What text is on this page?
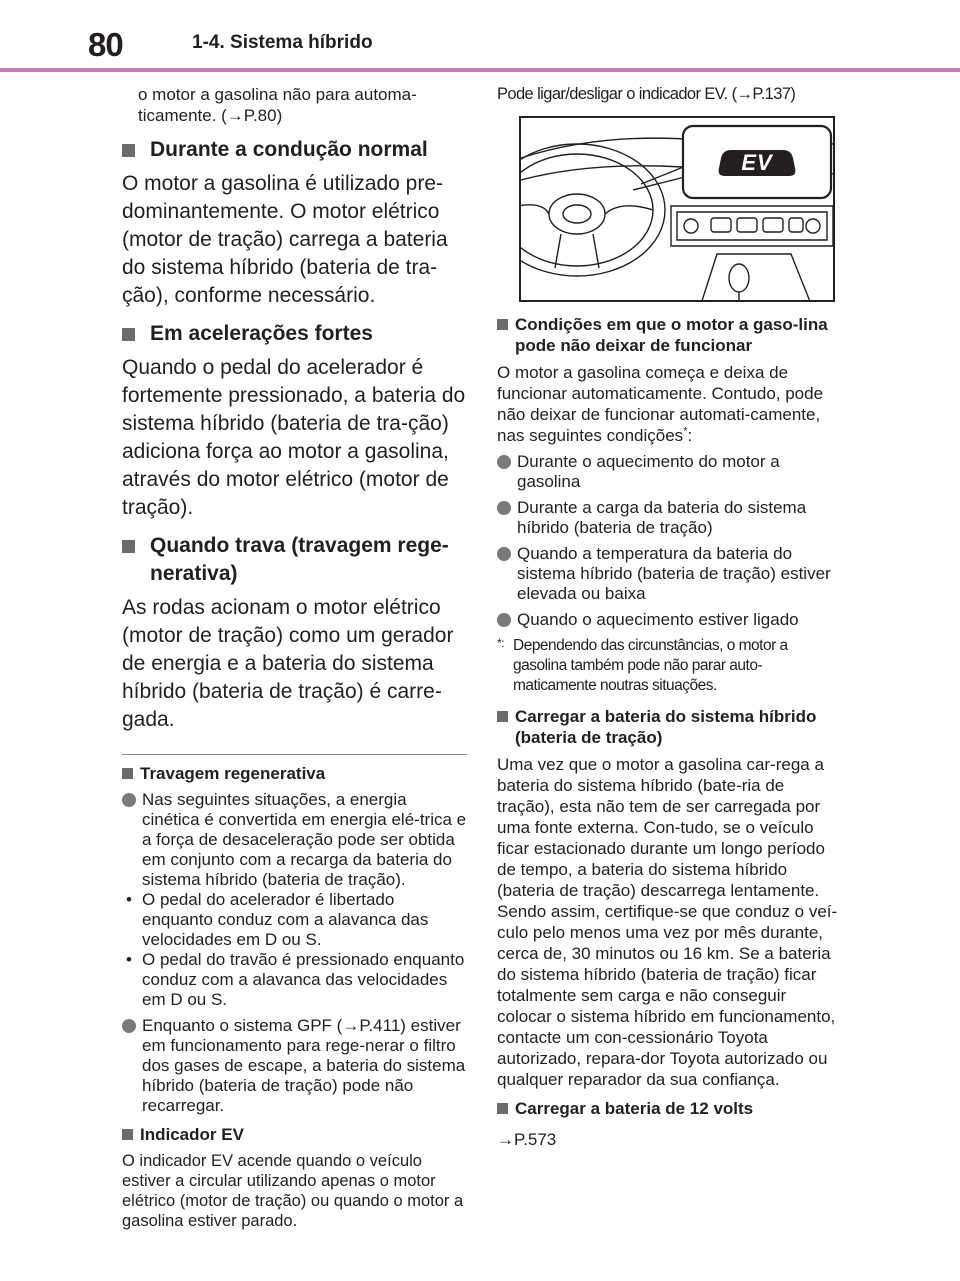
80	1-4. Sistema híbrido
o motor a gasolina não para automa-ticamente. (→P.80)
Durante a condução normal
O motor a gasolina é utilizado pre-dominantemente. O motor elétrico (motor de tração) carrega a bateria do sistema híbrido (bateria de tra-ção), conforme necessário.
Em acelerações fortes
Quando o pedal do acelerador é fortemente pressionado, a bateria do sistema híbrido (bateria de tra-ção) adiciona força ao motor a gasolina, através do motor elétrico (motor de tração).
Quando trava (travagem rege-nerativa)
As rodas acionam o motor elétrico (motor de tração) como um gerador de energia e a bateria do sistema híbrido (bateria de tração) é carre-gada.
Travagem regenerativa
Nas seguintes situações, a energia cinética é convertida em energia elé-trica e a força de desaceleração pode ser obtida em conjunto com a recarga da bateria do sistema híbrido (bateria de tração).
• O pedal do acelerador é libertado enquanto conduz com a alavanca das velocidades em D ou S.
• O pedal do travão é pressionado enquanto conduz com a alavanca das velocidades em D ou S.
Enquanto o sistema GPF (→P.411) estiver em funcionamento para rege-nerar o filtro dos gases de escape, a bateria do sistema híbrido (bateria de tração) pode não recarregar.
Indicador EV
O indicador EV acende quando o veículo estiver a circular utilizando apenas o motor elétrico (motor de tração) ou quando o motor a gasolina estiver parado.
Pode ligar/desligar o indicador EV. (→P.137)
EV
Condições em que o motor a gaso-lina pode não deixar de funcionar
O motor a gasolina começa e deixa de funcionar automaticamente. Contudo, pode não deixar de funcionar automati-camente, nas seguintes condições*:
Durante o aquecimento do motor a gasolina
Durante a carga da bateria do sistema híbrido (bateria de tração)
Quando a temperatura da bateria do sistema híbrido (bateria de tração) estiver elevada ou baixa
Quando o aquecimento estiver ligado
*: Dependendo das circunstâncias, o motor a gasolina também pode não parar auto-maticamente noutras situações.
Carregar a bateria do sistema híbrido (bateria de tração)
Uma vez que o motor a gasolina car-rega a bateria do sistema híbrido (bate-ria de tração), esta não tem de ser carregada por uma fonte externa. Con-tudo, se o veículo ficar estacionado durante um longo período de tempo, a bateria do sistema híbrido (bateria de tração) descarrega lentamente. Sendo assim, certifique-se que conduz o veí-culo pelo menos uma vez por mês durante, cerca de, 30 minutos ou 16 km. Se a bateria do sistema híbrido (bateria de tração) ficar totalmente sem carga e não conseguir colocar o sistema híbrido em funcionamento, contacte um con-cessionário Toyota autorizado, repara-dor Toyota autorizado ou qualquer reparador da sua confiança.
Carregar a bateria de 12 volts
→P.573
